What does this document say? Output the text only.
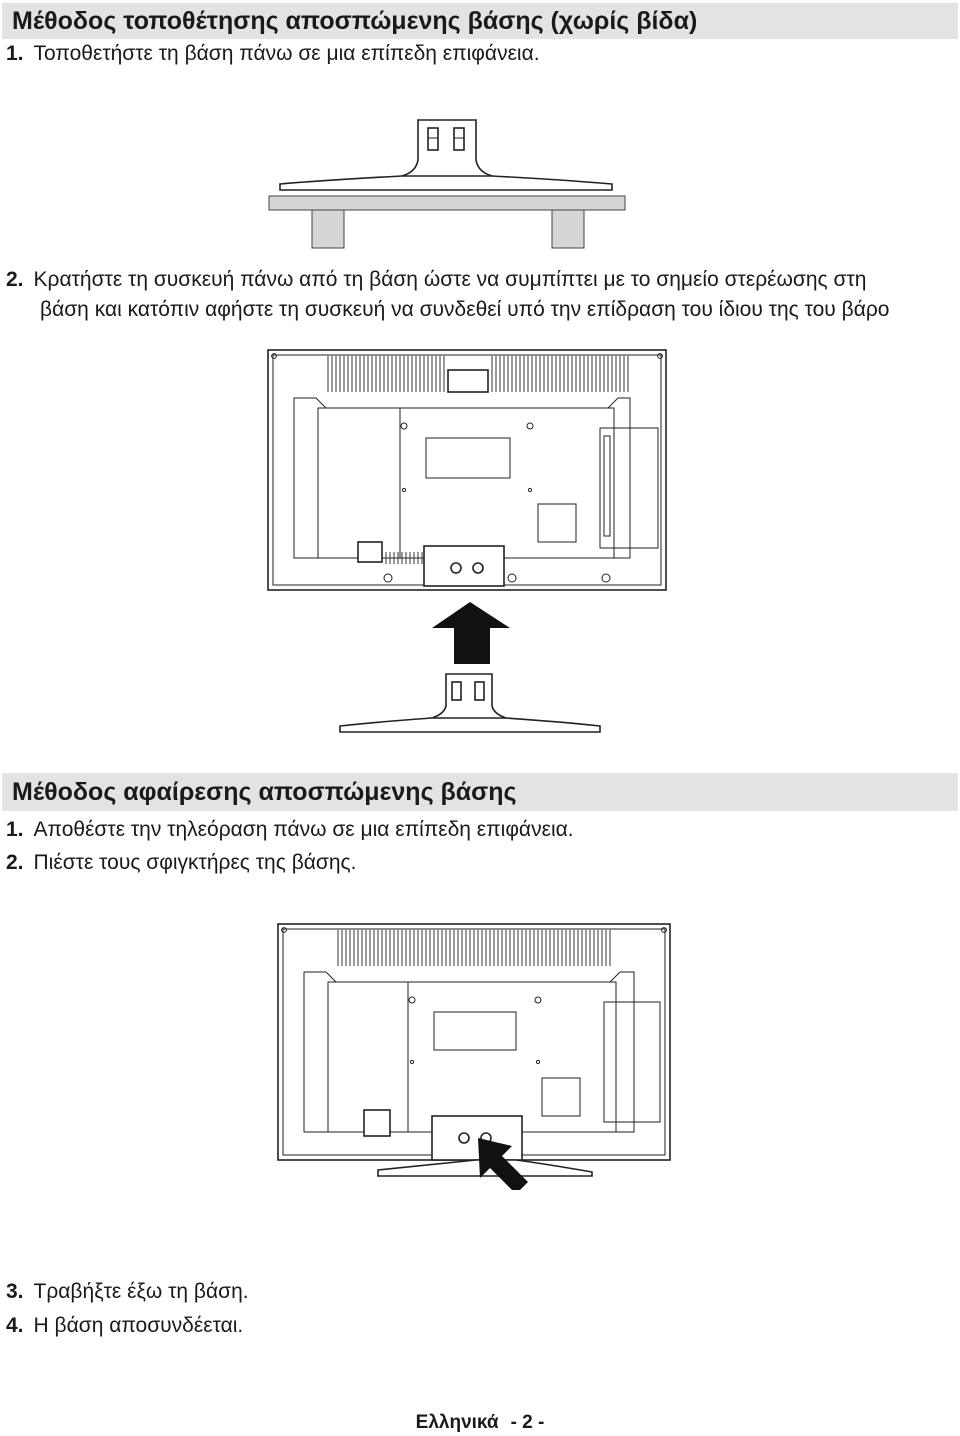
Μέθοδος τοποθέτησης αποσπώμενης βάσης (χωρίς βίδα)
1. Τοποθετήστε τη βάση πάνω σε μια επίπεδη επιφάνεια.
2. Κρατήστε τη συσκευή πάνω από τη βάση ώστε να συμπίπτει με το σημείο στερέωσης στη
βάση και κατόπιν αφήστε τη συσκευή να συνδεθεί υπό την επίδραση του ίδιου της του βάρο
Μέθοδος αφαίρεσης αποσπώμενης βάσης
1. Αποθέστε την τηλεόραση πάνω σε μια επίπεδη επιφάνεια.
2. Πιέστε τους σφιγκτήρες της βάσης.
3. Τραβήξτε έξω τη βάση.
4. Η βάση αποσυνδέεται.
Ελληνικά - 2 -
